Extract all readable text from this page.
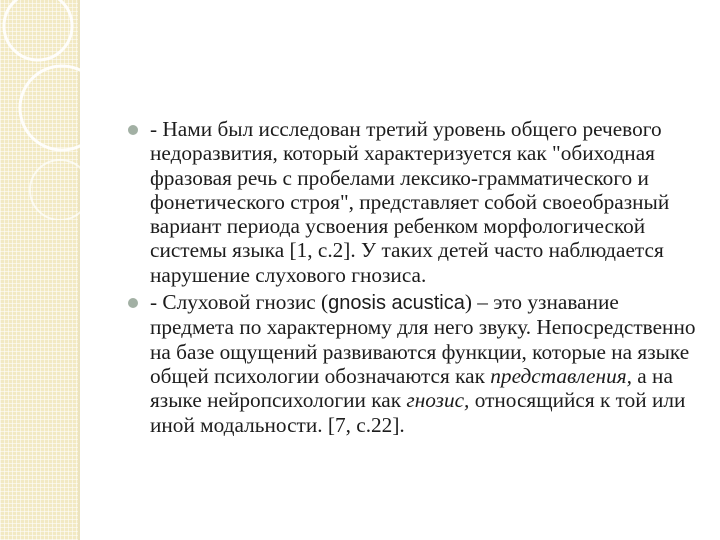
- Нами был исследован третий уровень общего речевого недоразвития, который характеризуется как "обиходная фразовая речь с пробелами лексико-грамматического и фонетического строя", представляет собой своеобразный вариант периода усвоения ребенком морфологической системы языка [1, с.2]. У таких детей часто наблюдается нарушение слухового гнозиса.
- Слуховой гнозис (gnosis acustica) – это узнавание предмета по характерному для него звуку. Непосредственно на базе ощущений развиваются функции, которые на языке общей психологии обозначаются как представления, а на языке нейропсихологии как гнозис, относящийся к той или иной модальности. [7, с.22].
